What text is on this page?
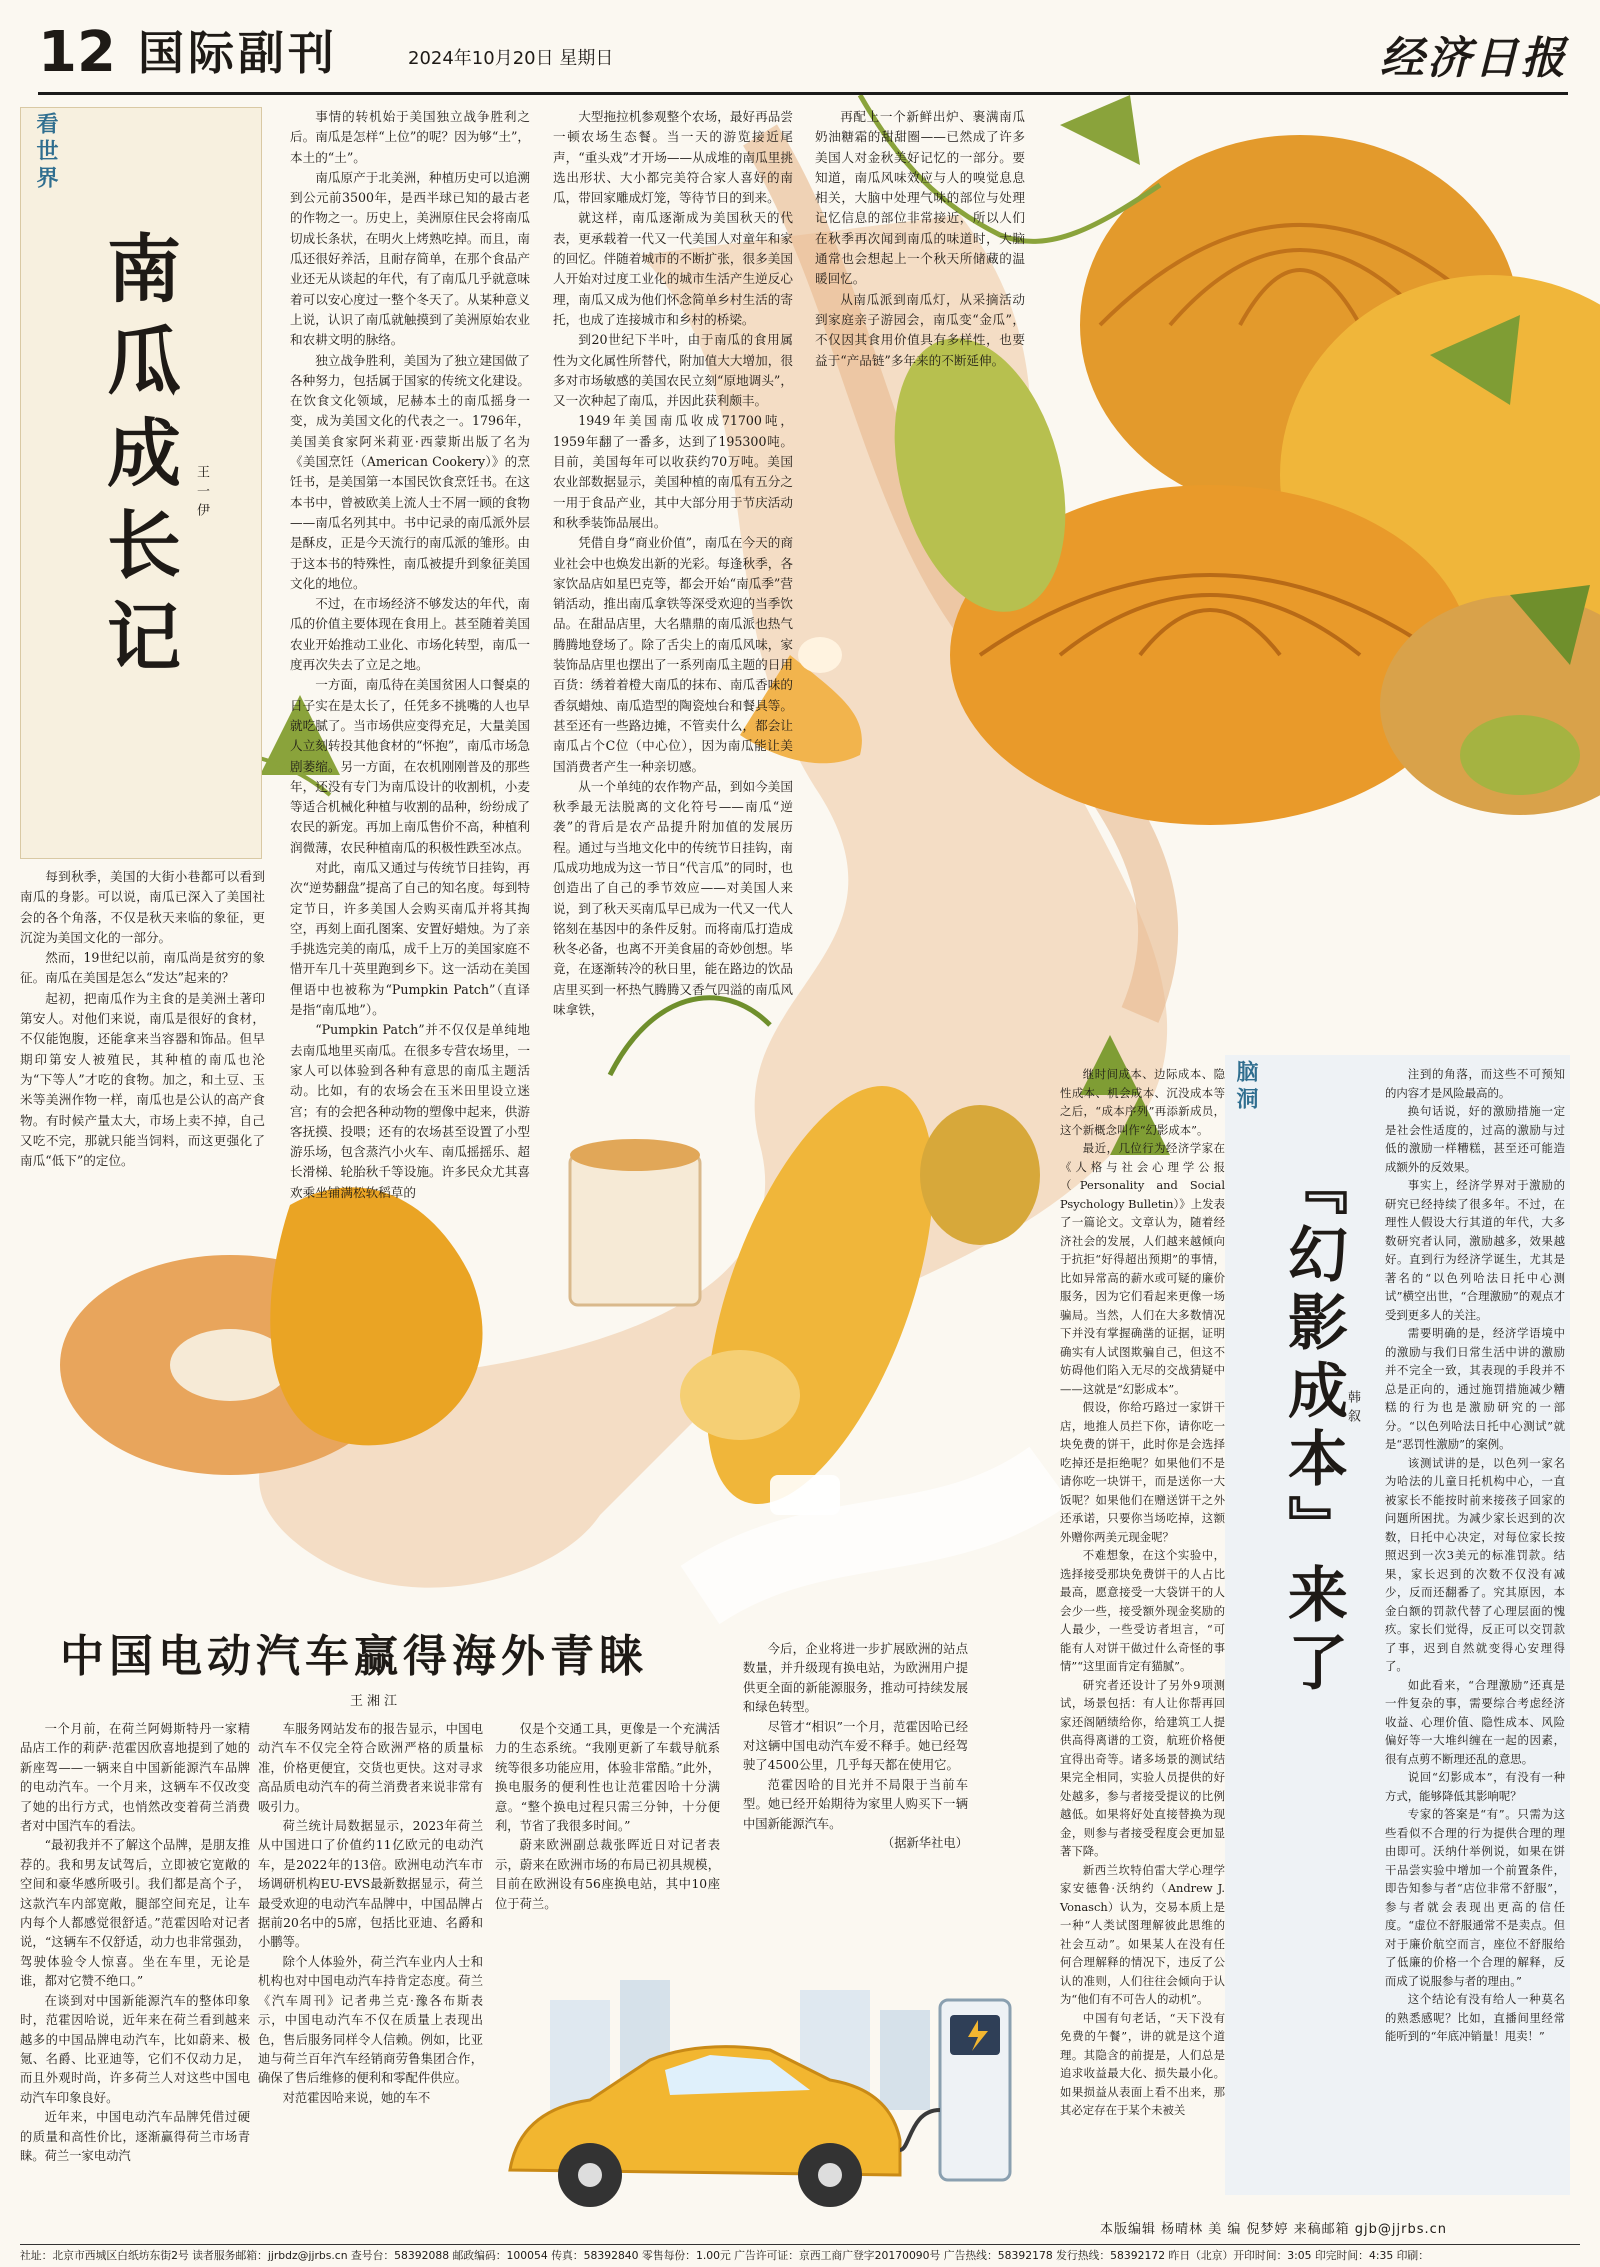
12 国际副刊	2024年10月20日 星期日	经济日报
看世界
南瓜成长记	王一伊

每到秋季，美国的大街小巷都可以看到南瓜的身影。可以说，南瓜已深入了美国社会的各个角落，不仅是秋天来临的象征，更沉淀为美国文化的一部分。

然而，19世纪以前，南瓜尚是贫穷的象征。南瓜在美国是怎么“发达”起来的？

起初，把南瓜作为主食的是美洲土著印第安人。对他们来说，南瓜是很好的食材，不仅能饱腹，还能拿来当容器和饰品。但早期印第安人被殖民，其种植的南瓜也沦为“下等人”才吃的食物。加之，和土豆、玉米等美洲作物一样，南瓜也是公认的高产食物。有时候产量太大，市场上卖不掉，自己又吃不完，那就只能当饲料，而这更强化了南瓜“低下”的定位。

事情的转机始于美国独立战争胜利之后。南瓜是怎样“上位”的呢？因为够“土”，本土的“土”。

南瓜原产于北美洲，种植历史可以追溯到公元前3500年，是西半球已知的最古老的作物之一。历史上，美洲原住民会将南瓜切成长条状，在明火上烤熟吃掉。而且，南瓜还很好养活，且耐存简单，在那个食品产业还无从谈起的年代，有了南瓜几乎就意味着可以安心度过一整个冬天了。从某种意义上说，认识了南瓜就触摸到了美洲原始农业和农耕文明的脉络。

独立战争胜利，美国为了独立建国做了各种努力，包括属于国家的传统文化建设。在饮食文化领域，尼赫本土的南瓜摇身一变，成为美国文化的代表之一。1796年，美国美食家阿米莉亚·西蒙斯出版了名为《美国烹饪（American Cookery）》的烹饪书，是美国第一本国民饮食烹饪书。在这本书中，曾被欧美上流人士不屑一顾的食物——南瓜名列其中。书中记录的南瓜派外层是酥皮，正是今天流行的南瓜派的雏形。由于这本书的特殊性，南瓜被提升到象征美国文化的地位。

不过，在市场经济不够发达的年代，南瓜的价值主要体现在食用上。甚至随着美国农业开始推动工业化、市场化转型，南瓜一度再次失去了立足之地。

一方面，南瓜待在美国贫困人口餐桌的日子实在是太长了，任凭多不挑嘴的人也早就吃腻了。当市场供应变得充足，大量美国人立刻转投其他食材的“怀抱”，南瓜市场急剧萎缩。另一方面，在农机刚刚普及的那些年，还没有专门为南瓜设计的收割机，小麦等适合机械化种植与收割的品种，纷纷成了农民的新宠。再加上南瓜售价不高，种植利润微薄，农民种植南瓜的积极性跌至冰点。

对此，南瓜又通过与传统节日挂钩，再次“逆势翻盘”提高了自己的知名度。每到特定节日，许多美国人会购买南瓜并将其掏空，再刻上面孔图案、安置好蜡烛。为了亲手挑选完美的南瓜，成千上万的美国家庭不惜开车几十英里跑到乡下。这一活动在美国俚语中也被称为“Pumpkin Patch”（直译是指“南瓜地”）。

“Pumpkin Patch”并不仅仅是单纯地去南瓜地里买南瓜。在很多专营农场里，一家人可以体验到各种有意思的南瓜主题活动。比如，有的农场会在玉米田里设立迷宫；有的会把各种动物的塑像中起来，供游客抚摸、投喂；还有的农场甚至设置了小型游乐场，包含蒸汽小火车、南瓜摇摇乐、超长滑梯、轮胎秋千等设施。许多民众尤其喜欢乘坐铺满松软稻草的

大型拖拉机参观整个农场，最好再品尝一顿农场生态餐。当一天的游览接近尾声，“重头戏”才开场——从成堆的南瓜里挑选出形状、大小都完美符合家人喜好的南瓜，带回家雕成灯笼，等待节日的到来。

就这样，南瓜逐渐成为美国秋天的代表，更承载着一代又一代美国人对童年和家的回忆。伴随着城市的不断扩张，很多美国人开始对过度工业化的城市生活产生逆反心理，南瓜又成为他们怀念简单乡村生活的寄托，也成了连接城市和乡村的桥梁。

到20世纪下半叶，由于南瓜的食用属性为文化属性所替代，附加值大大增加，很多对市场敏感的美国农民立刻“原地调头”，又一次种起了南瓜，并因此获利颇丰。

1949年美国南瓜收成71700吨，1959年翻了一番多，达到了195300吨。目前，美国每年可以收获约70万吨。美国农业部数据显示，美国种植的南瓜有五分之一用于食品产业，其中大部分用于节庆活动和秋季装饰品展出。

凭借自身“商业价值”，南瓜在今天的商业社会中也焕发出新的光彩。每逢秋季，各家饮品店如星巴克等，都会开始“南瓜季”营销活动，推出南瓜拿铁等深受欢迎的当季饮品。在甜品店里，大名鼎鼎的南瓜派也热气腾腾地登场了。除了舌尖上的南瓜风味，家装饰品店里也摆出了一系列南瓜主题的日用百货：绣着着橙大南瓜的抹布、南瓜香味的香氛蜡烛、南瓜造型的陶瓷烛台和餐具等。甚至还有一些路边摊，不管卖什么，都会让南瓜占个C位（中心位），因为南瓜能让美国消费者产生一种亲切感。

从一个单纯的农作物产品，到如今美国秋季最无法脱离的文化符号——南瓜“逆袭”的背后是农产品提升附加值的发展历程。通过与当地文化中的传统节日挂钩，南瓜成功地成为这一节日“代言瓜”的同时，也创造出了自己的季节效应——对美国人来说，到了秋天买南瓜早已成为一代又一代人铭刻在基因中的条件反射。而将南瓜打造成秋冬必备，也离不开美食届的奇妙创想。毕竟，在逐渐转冷的秋日里，能在路边的饮品店里买到一杯热气腾腾又香气四溢的南瓜风味拿铁，

再配上一个新鲜出炉、裹满南瓜奶油糖霜的甜甜圈——已然成了许多美国人对金秋美好记忆的一部分。要知道，南瓜风味效应与人的嗅觉息息相关，大脑中处理气味的部位与处理记忆信息的部位非常接近，所以人们在秋季再次闻到南瓜的味道时，大脑通常也会想起上一个秋天所储藏的温暖回忆。

从南瓜派到南瓜灯，从采摘活动到家庭亲子游园会，南瓜变“金瓜”，不仅因其食用价值具有多样性，也要益于“产品链”多年来的不断延伸。

脑洞

继时间成本、边际成本、隐性成本、机会成本、沉没成本等之后，“成本序列”再添新成员，这个新概念叫作“幻影成本”。

最近，几位行为经济学家在《人格与社会心理学公报（Personality and Social Psychology Bulletin）》上发表了一篇论文。文章认为，随着经济社会的发展，人们越来越倾向于抗拒“好得超出预期”的事情，比如异常高的薪水或可疑的廉价服务，因为它们看起来更像一场骗局。当然，人们在大多数情况下并没有掌握确凿的证据，证明确实有人试图欺骗自己，但这不妨碍他们陷入无尽的交战猜疑中——这就是“幻影成本”。

假设，你给巧路过一家饼干店，地推人员拦下你，请你吃一块免费的饼干，此时你是会选择吃掉还是拒绝呢？如果他们不是请你吃一块饼干，而是送你一大饭呢？如果他们在赠送饼干之外还承诺，只要你当场吃掉，这额外赠你两美元现金呢？

不难想象，在这个实验中，选择接受那块免费饼干的人占比最高，愿意接受一大袋饼干的人会少一些，接受额外现金奖励的人最少，一些受访者坦言，“可能有人对饼干做过什么奇怪的事情”“这里面肯定有猫腻”。

研究者还设计了另外9项测试，场景包括：有人让你帮再回家还阁陋绩给你，给建筑工人提供高得离谱的工资，航班价格便宜得出奇等。诸多场景的测试结果完全相同，实验人员提供的好处越多，参与者接受提议的比例越低。如果将好处直接替换为现金，则参与者接受程度会更加显著下降。

新西兰坎特伯雷大学心理学家安德鲁·沃纳约（Andrew J. Vonasch）认为，交易本质上是一种“人类试图理解彼此思维的社会互动”。如果某人在没有任何合理解释的情况下，违反了公认的准则，人们往往会倾向于认为“他们有不可告人的动机”。

中国有句老话，“天下没有免费的午餐”，讲的就是这个道理。其隐含的前提是，人们总是追求收益最大化、损失最小化。如果损益从表面上看不出来，那其必定存在于某个未被关

『幻影成本』来了
韩叙

注到的角落，而这些不可预知的内容才是风险最高的。

换句话说，好的激励措施一定是社会性适度的，过高的激励与过低的激励一样糟糕，甚至还可能造成额外的反效果。

事实上，经济学界对于激励的研究已经持续了很多年。不过，在理性人假设大行其道的年代，大多数研究者认同，激励越多，效果越好。直到行为经济学诞生，尤其是著名的“以色列哈法日托中心测试”横空出世，“合理激励”的观点才受到更多人的关注。

需要明确的是，经济学语境中的激励与我们日常生活中讲的激励并不完全一致，其表现的手段并不总是正向的，通过施罚措施减少糟糕的行为也是激励研究的一部分。“以色列哈法日托中心测试”就是“恶罚性激励”的案例。

该测试讲的是，以色列一家名为哈法的儿童日托机构中心，一直被家长不能按时前来接孩子回家的问题所困扰。为减少家长迟到的次数，日托中心决定，对每位家长按照迟到一次3美元的标准罚款。结果，家长迟到的次数不仅没有减少，反而还翻番了。究其原因，本金白额的罚款代替了心理层面的愧疚。家长们觉得，反正可以交罚款了事，迟到自然就变得心安理得了。

如此看来，“合理激励”还真是一件复杂的事，需要综合考虑经济收益、心理价值、隐性成本、风险偏好等一大堆纠缠在一起的因素，很有点剪不断理还乱的意思。

说回“幻影成本”，有没有一种方式，能够降低其影响呢？

专家的答案是“有”。只需为这些看似不合理的行为提供合理的理由即可。沃纳什举例说，如果在饼干品尝实验中增加一个前置条件，即告知参与者“店位非常不舒服”，参与者就会表现出更高的信任度。“虚位不舒服通常不是卖点。但对于廉价航空而言，座位不舒服给了低廉的价格一个合理的解释，反而成了说服参与者的理由。”

这个结论有没有给人一种莫名的熟悉感呢？比如，直播间里经常能听到的“年底冲销量！甩卖！”

中国电动汽车赢得海外青睐
王湘江

一个月前，在荷兰阿姆斯特丹一家精品店工作的莉萨·范霍因欣喜地提到了她的新座驾——一辆来自中国新能源汽车品牌的电动汽车。一个月来，这辆车不仅改变了她的出行方式，也悄然改变着荷兰消费者对中国汽车的看法。

“最初我并不了解这个品牌，是朋友推荐的。我和男友试驾后，立即被它宽敞的空间和豪华感所吸引。我们都是高个子，这款汽车内部宽敞，腿部空间充足，让车内每个人都感觉很舒适。”范霍因哈对记者说，“这辆车不仅舒适，动力也非常强劲，驾驶体验令人惊喜。坐在车里，无论是谁，都对它赞不绝口。”

在谈到对中国新能源汽车的整体印象时，范霍因哈说，近年来在荷兰看到越来越多的中国品牌电动汽车，比如蔚来、极氪、名爵、比亚迪等，它们不仅动力足，而且外观时尚，许多荷兰人对这些中国电动汽车印象良好。

近年来，中国电动汽车品牌凭借过硬的质量和高性价比，逐渐赢得荷兰市场青睐。荷兰一家电动汽

车服务网站发布的报告显示，中国电动汽车不仅完全符合欧洲严格的质量标准，价格更便宜，交货也更快。这对寻求高品质电动汽车的荷兰消费者来说非常有吸引力。

荷兰统计局数据显示，2023年荷兰从中国进口了价值约11亿欧元的电动汽车，是2022年的13倍。欧洲电动汽车市场调研机构EU-EVS最新数据显示，荷兰最受欢迎的电动汽车品牌中，中国品牌占据前20名中的5席，包括比亚迪、名爵和小鹏等。

除个人体验外，荷兰汽车业内人士和机构也对中国电动汽车持肯定态度。荷兰《汽车周刊》记者弗兰克·豫各布斯表示，中国电动汽车不仅在质量上表现出色，售后服务同样令人信赖。例如，比亚迪与荷兰百年汽车经销商劳鲁集团合作，确保了售后维修的便利和零配件供应。

对范霍因哈来说，她的车不

仅是个交通工具，更像是一个充满活力的生态系统。“我刚更新了车载导航系统等很多功能应用，体验非常酷。”此外，换电服务的便利性也让范霍因哈十分满意。“整个换电过程只需三分钟，十分便利，节省了我很多时间。”

蔚来欧洲副总裁张晖近日对记者表示，蔚来在欧洲市场的布局已初具规模，目前在欧洲设有56座换电站，其中10座位于荷兰。

今后，企业将进一步扩展欧洲的站点数量，并升级现有换电站，为欧洲用户提供更全面的新能源服务，推动可持续发展和绿色转型。

尽管才“相识”一个月，范霍因哈已经对这辆中国电动汽车爱不释手。她已经驾驶了4500公里，几乎每天都在使用它。

范霍因哈的目光并不局限于当前车型。她已经开始期待为家里人购买下一辆中国新能源汽车。

（据新华社电）

本版编辑 杨晴林 美 编 倪梦婷 来稿邮箱 gjb@jjrbs.cn
社址：北京市西城区白纸坊东街2号 读者服务邮箱：jjrbdz@jjrbs.cn 查号台：58392088 邮政编码：100054 传真：58392840 零售每份：1.00元 广告许可证：京西工商广登字20170090号 广告热线：58392178 发行热线：58392172 昨日（北京）开印时间：3:05 印完时间：4:35 印刷：
